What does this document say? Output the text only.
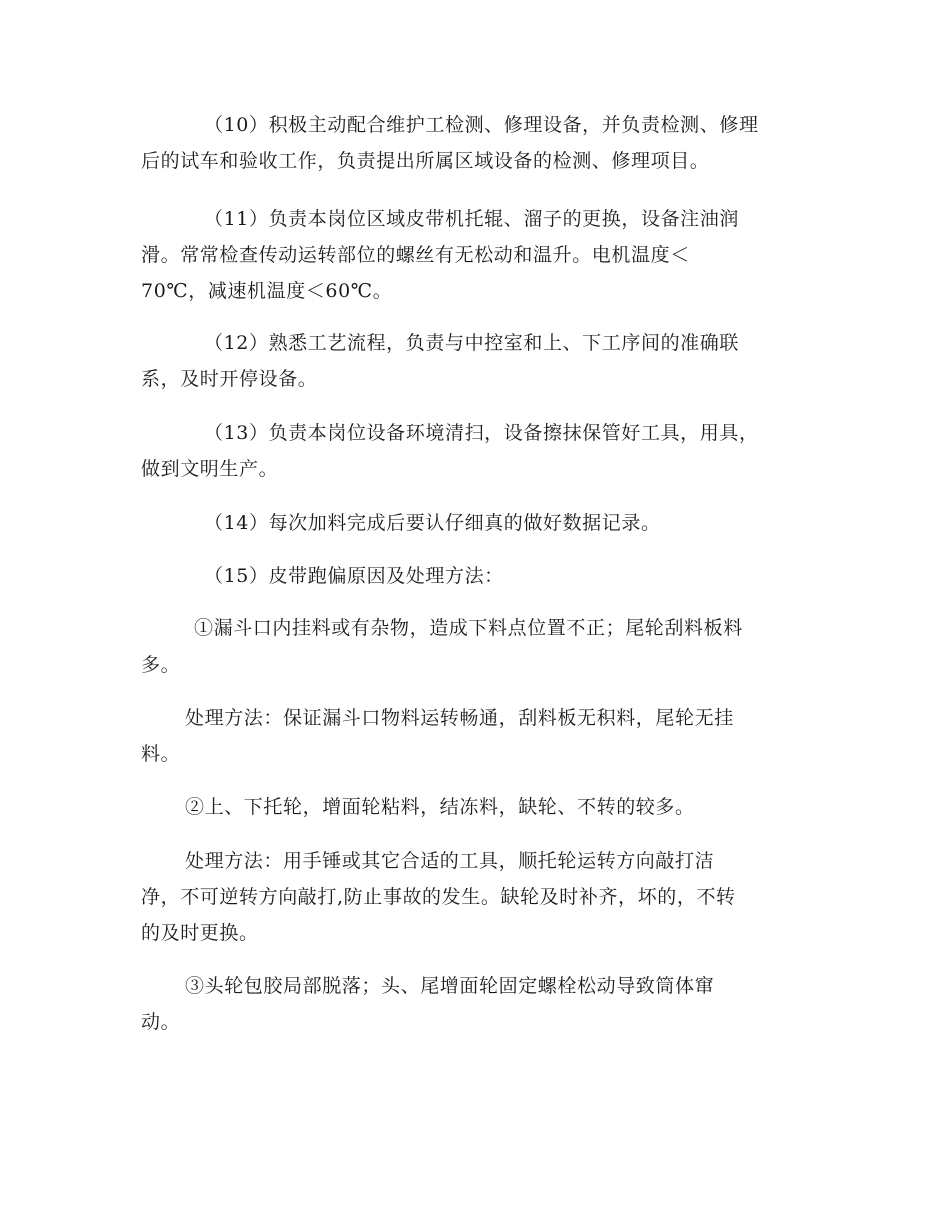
（10）积极主动配合维护工检测、修理设备，并负责检测、修理

后的试车和验收工作，负责提出所属区域设备的检测、修理项目。

（11）负责本岗位区域皮带机托辊、溜子的更换，设备注油润

滑。常常检查传动运转部位的螺丝有无松动和温升。电机温度＜

70℃，减速机温度＜60℃。

（12）熟悉工艺流程，负责与中控室和上、下工序间的准确联

系，及时开停设备。

（13）负责本岗位设备环境清扫，设备擦抹保管好工具，用具，

做到文明生产。

（14）每次加料完成后要认仔细真的做好数据记录。

（15）皮带跑偏原因及处理方法：

①漏斗口内挂料或有杂物，造成下料点位置不正；尾轮刮料板料

多。

处理方法：保证漏斗口物料运转畅通，刮料板无积料，尾轮无挂

料。

②上、下托轮，增面轮粘料，结冻料，缺轮、不转的较多。

处理方法：用手锤或其它合适的工具，顺托轮运转方向敲打洁

净，不可逆转方向敲打,防止事故的发生。缺轮及时补齐，坏的，不转

的及时更换。

③头轮包胶局部脱落；头、尾增面轮固定螺栓松动导致筒体窜

动。
